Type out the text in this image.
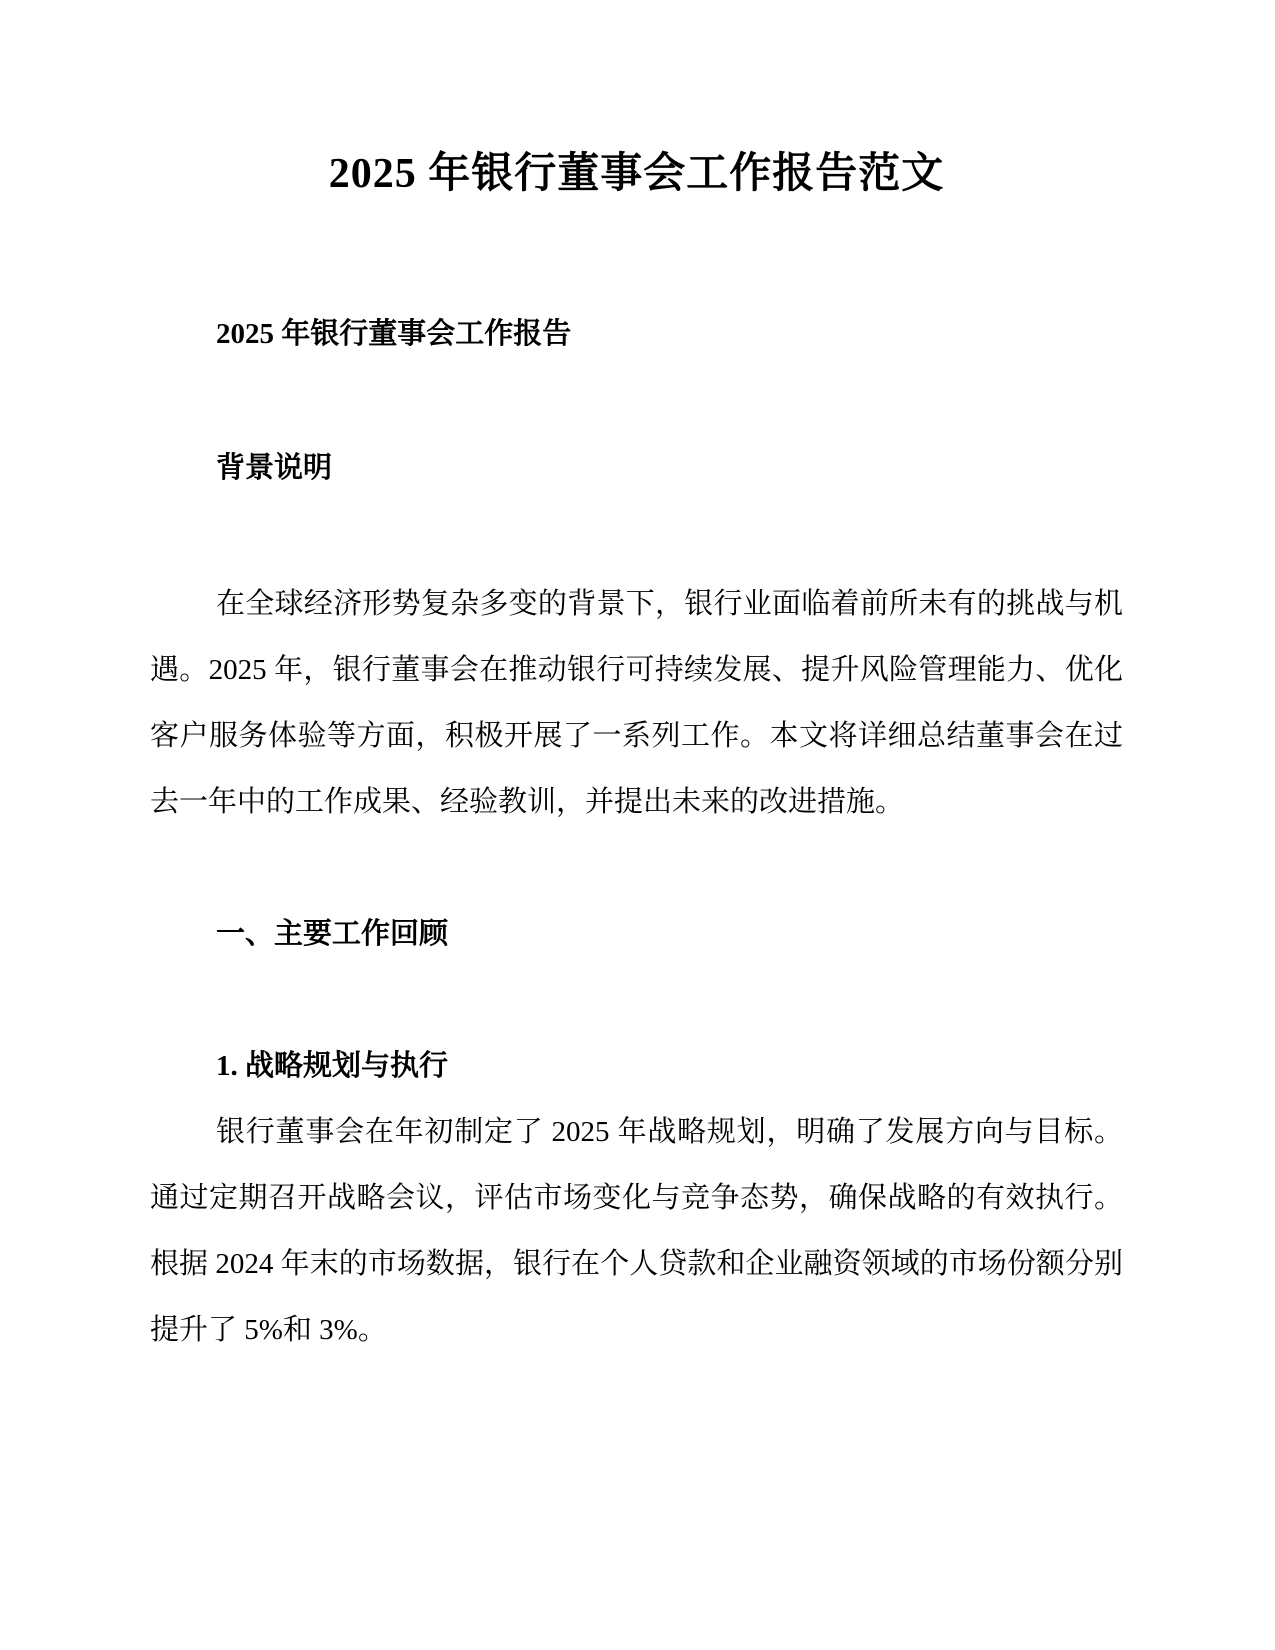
2025 年银行董事会工作报告范文

2025 年银行董事会工作报告

背景说明

在全球经济形势复杂多变的背景下，银行业面临着前所未有的挑战与机遇。2025 年，银行董事会在推动银行可持续发展、提升风险管理能力、优化客户服务体验等方面，积极开展了一系列工作。本文将详细总结董事会在过去一年中的工作成果、经验教训，并提出未来的改进措施。

一、主要工作回顾
1. 战略规划与执行

银行董事会在年初制定了 2025 年战略规划，明确了发展方向与目标。通过定期召开战略会议，评估市场变化与竞争态势，确保战略的有效执行。根据 2024 年末的市场数据，银行在个人贷款和企业融资领域的市场份额分别提升了 5%和 3%。
